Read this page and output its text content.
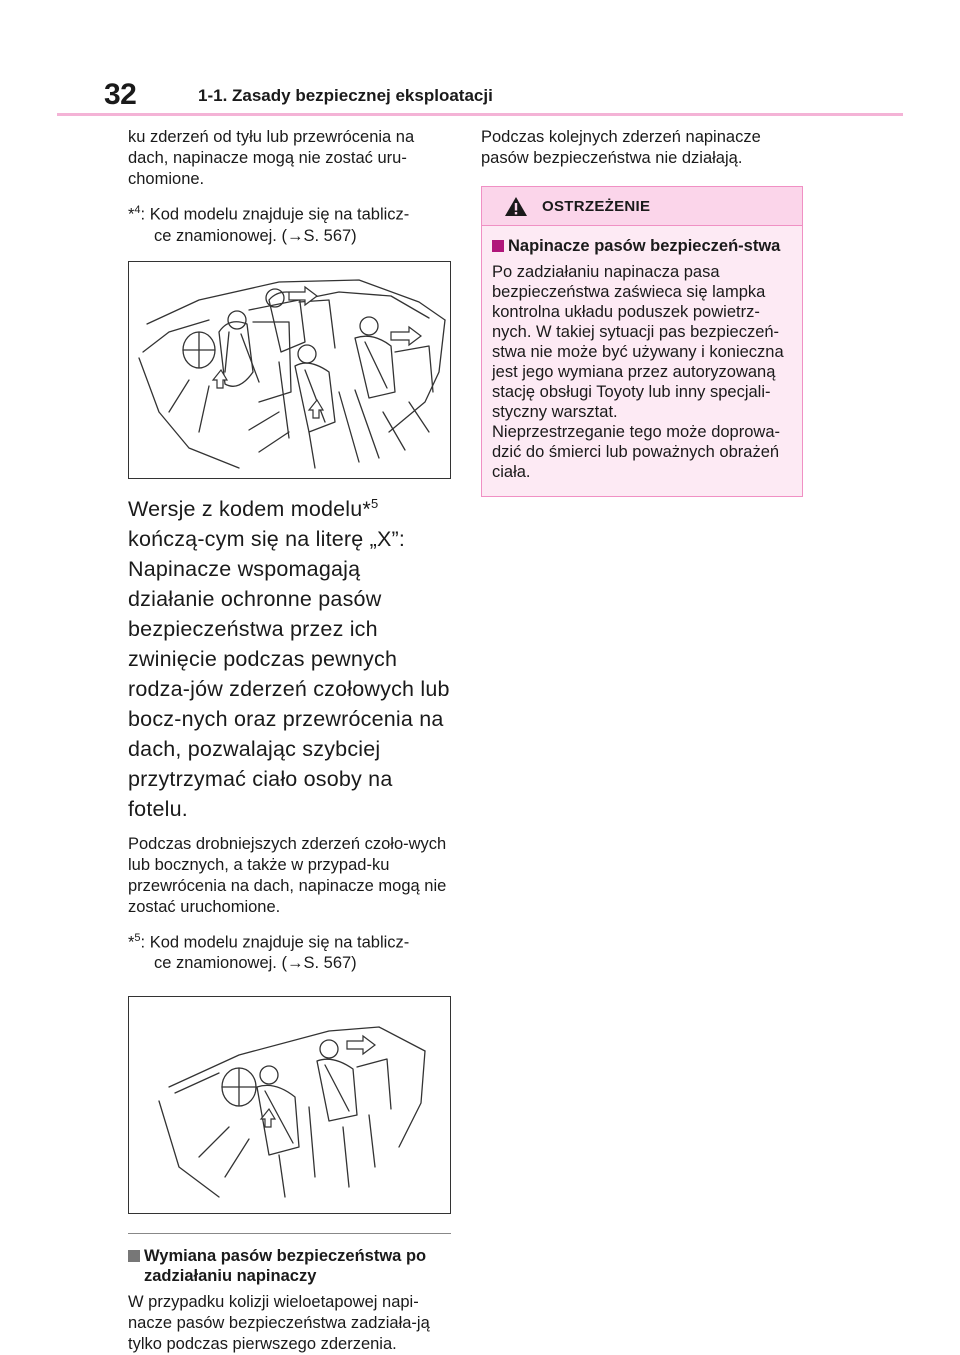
32	1-1. Zasady bezpiecznej eksploatacji

ku zderzeń od tyłu lub przewrócenia na dach, napinacze mogą nie zostać uru-chomione.

*$^4$: Kod modelu znajduje się na tablicz-
ce znamionowej. (→S. 567)

Wersje z kodem modelu*$^5$ kończą-cym się na literę „X”: Napinacze wspomagają działanie ochronne pasów bezpieczeństwa przez ich zwinięcie podczas pewnych rodza-jów zderzeń czołowych lub bocz-nych oraz przewrócenia na dach, pozwalając szybciej przytrzymać ciało osoby na fotelu.

Podczas drobniejszych zderzeń czoło-wych lub bocznych, a także w przypad-ku przewrócenia na dach, napinacze mogą nie zostać uruchomione.

*$^5$: Kod modelu znajduje się na tablicz-
ce znamionowej. (→S. 567)
Wymiana pasów bezpieczeństwa po zadziałaniu napinaczy

W przypadku kolizji wieloetapowej napi-nacze pasów bezpieczeństwa zadziała-ją tylko podczas pierwszego zderzenia.

Podczas kolejnych zderzeń napinacze pasów bezpieczeństwa nie działają.

OSTRZEŻENIE
Napinacze pasów bezpieczeń-stwa

Po zadziałaniu napinacza pasa bezpieczeństwa zaświeca się lampka kontrolna układu poduszek powietrz-nych. W takiej sytuacji pas bezpieczeń-stwa nie może być używany i konieczna jest jego wymiana przez autoryzowaną stację obsługi Toyoty lub inny specjali-styczny warsztat.

Nieprzestrzeganie tego może doprowa-dzić do śmierci lub poważnych obrażeń ciała.
